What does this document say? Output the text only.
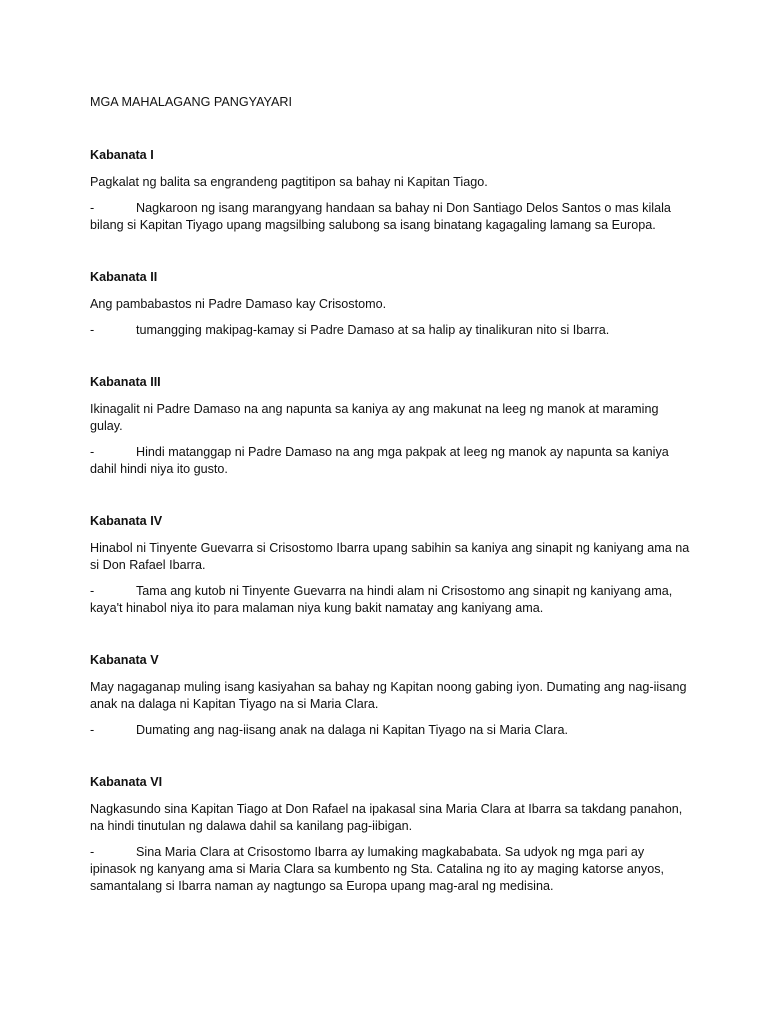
MGA MAHALAGANG PANGYAYARI

Kabanata I

Pagkalat ng balita sa engrandeng pagtitipon sa bahay ni Kapitan Tiago.

-	Nagkaroon ng isang marangyang handaan sa bahay ni Don Santiago Delos Santos o mas kilala bilang si Kapitan Tiyago upang magsilbing salubong sa isang binatang kagagaling lamang sa Europa.

Kabanata II

Ang pambabastos ni Padre Damaso kay Crisostomo.

-	tumangging makipag-kamay si Padre Damaso at sa halip ay tinalikuran nito si Ibarra.

Kabanata III

Ikinagalit ni Padre Damaso na ang napunta sa kaniya ay ang makunat na leeg ng manok at maraming gulay.

-	Hindi matanggap ni Padre Damaso na ang mga pakpak at leeg ng manok ay napunta sa kaniya dahil hindi niya ito gusto.

Kabanata IV

Hinabol ni Tinyente Guevarra si Crisostomo Ibarra upang sabihin sa kaniya ang sinapit ng kaniyang ama na si Don Rafael Ibarra.

-	Tama ang kutob ni Tinyente Guevarra na hindi alam ni Crisostomo ang sinapit ng kaniyang ama, kaya't hinabol niya ito para malaman niya kung bakit namatay ang kaniyang ama.

Kabanata V

May nagaganap muling isang kasiyahan sa bahay ng Kapitan noong gabing iyon. Dumating ang nag-iisang anak na dalaga ni Kapitan Tiyago na si Maria Clara.

-	Dumating ang nag-iisang anak na dalaga ni Kapitan Tiyago na si Maria Clara.

Kabanata VI

Nagkasundo sina Kapitan Tiago at Don Rafael na ipakasal sina Maria Clara at Ibarra sa takdang panahon, na hindi tinutulan ng dalawa dahil sa kanilang pag-iibigan.

-	Sina Maria Clara at Crisostomo Ibarra ay lumaking magkababata. Sa udyok ng mga pari ay ipinasok ng kanyang ama si Maria Clara sa kumbento ng Sta. Catalina ng ito ay maging katorse anyos, samantalang si Ibarra naman ay nagtungo sa Europa upang mag-aral ng medisina.
